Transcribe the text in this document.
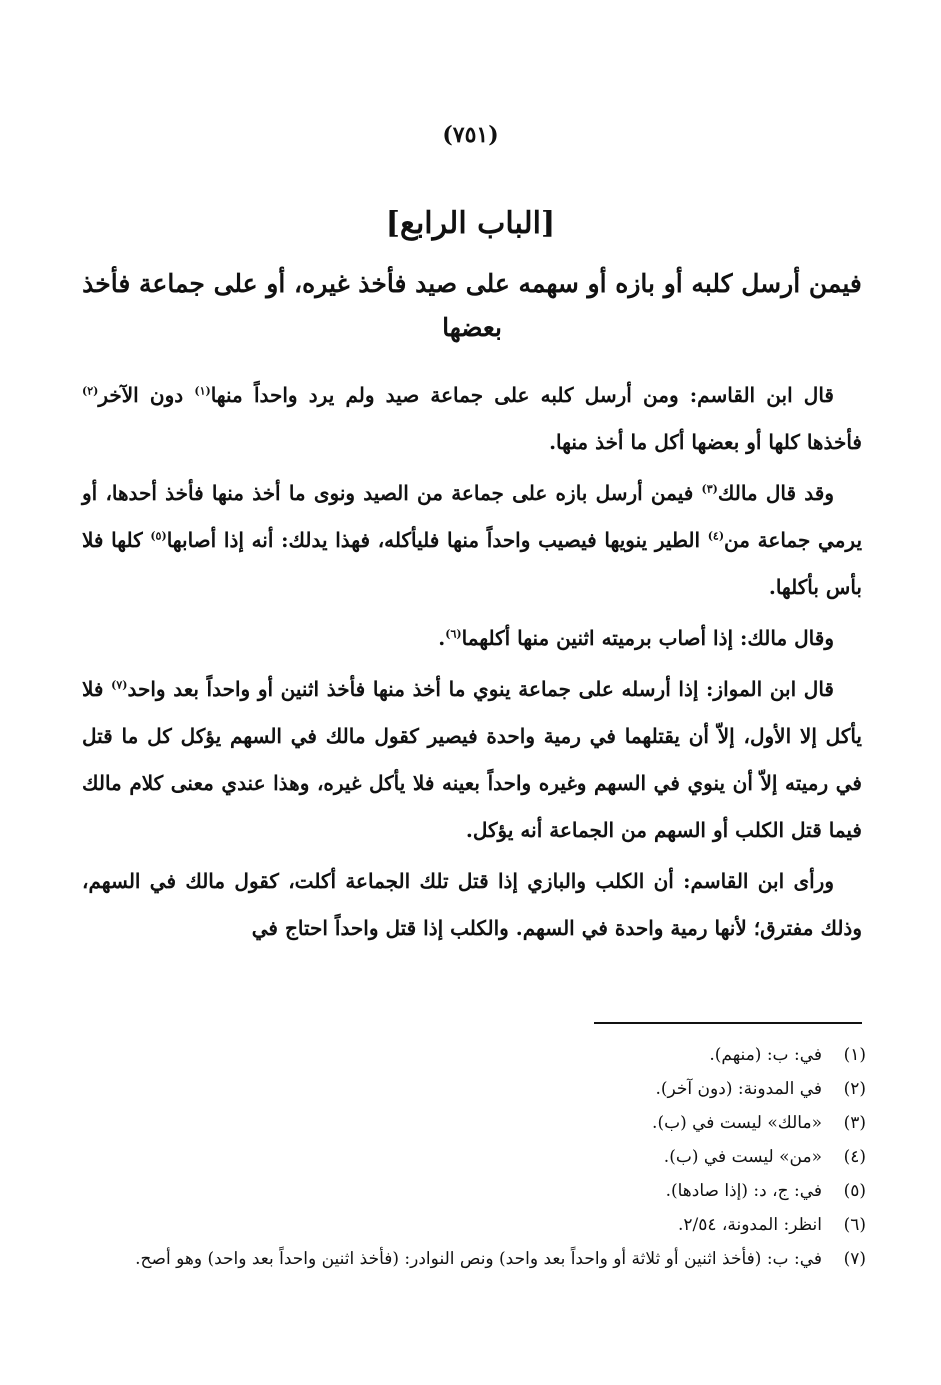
(٧٥١)
[الباب الرابع]
فيمن أرسل كلبه أو بازه أو سهمه على صيد فأخذ غيره، أو على جماعة فأخذ بعضها

قال ابن القاسم: ومن أرسل كلبه على جماعة صيد ولم يرد واحداً منها$^{(١)}$ دون الآخر$^{(٢)}$ فأخذها كلها أو بعضها أكل ما أخذ منها.

وقد قال مالك$^{(٣)}$ فيمن أرسل بازه على جماعة من الصيد ونوى ما أخذ منها فأخذ أحدها، أو يرمي جماعة من$^{(٤)}$ الطير ينويها فيصيب واحداً منها فليأكله، فهذا يدلك: أنه إذا أصابها$^{(٥)}$ كلها فلا بأس بأكلها.

وقال مالك: إذا أصاب برميته اثنين منها أكلهما$^{(٦)}$.

قال ابن المواز: إذا أرسله على جماعة ينوي ما أخذ منها فأخذ اثنين أو واحداً بعد واحد$^{(٧)}$ فلا يأكل إلا الأول، إلاّ أن يقتلهما في رمية واحدة فيصير كقول مالك في السهم يؤكل كل ما قتل في رميته إلاّ أن ينوي في السهم وغيره واحداً بعينه فلا يأكل غيره، وهذا عندي معنى كلام مالك فيما قتل الكلب أو السهم من الجماعة أنه يؤكل.

ورأى ابن القاسم: أن الكلب والبازي إذا قتل تلك الجماعة أكلت، كقول مالك في السهم، وذلك مفترق؛ لأنها رمية واحدة في السهم. والكلب إذا قتل واحداً احتاج في

(١)
في: ب: (منهم).
(٢)
في المدونة: (دون آخر).
(٣)
«مالك» ليست في (ب).
(٤)
«من» ليست في (ب).
(٥)
في: ج، د: (إذا صادها).
(٦)
انظر: المدونة، ٢/٥٤.
(٧)
في: ب: (فأخذ اثنين أو ثلاثة أو واحداً بعد واحد) ونص النوادر: (فأخذ اثنين واحداً بعد واحد) وهو أصح.
